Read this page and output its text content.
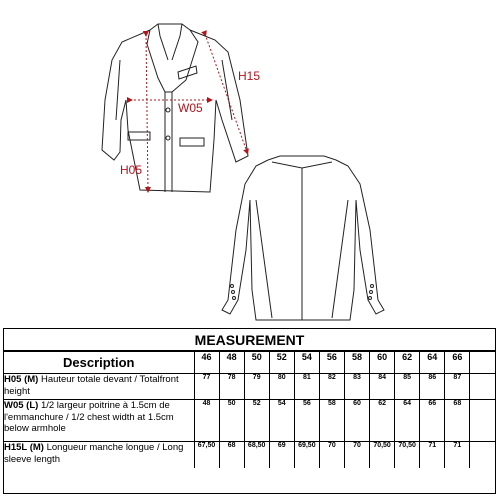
H15
W05
H05
MEASUREMENT
Description	46	48	50	52	54	56	58	60	62	64	66	
H05 (M) Hauteur totale devant / Totalfront height	77	78	79	80	81	82	83	84	85	86	87	
W05 (L) 1/2 largeur poitrine à 1.5cm de l'emmanchure / 1/2 chest width at 1.5cm below armhole	48	50	52	54	56	58	60	62	64	66	68	
H15L (M) Longueur manche longue / Long sleeve length	67,50	68	68,50	69	69,50	70	70	70,50	70,50	71	71	
